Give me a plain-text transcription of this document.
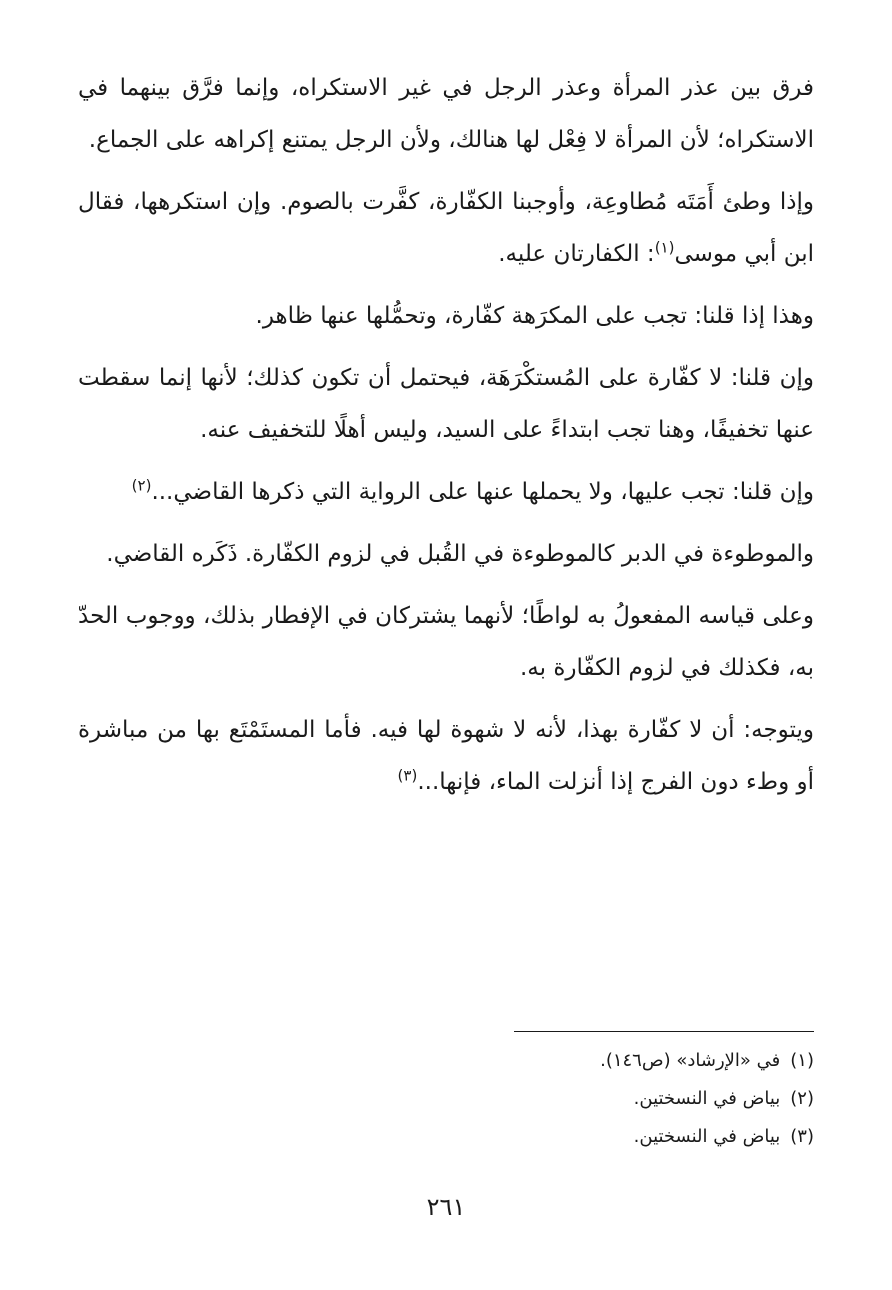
فرق بين عذر المرأة وعذر الرجل في غير الاستكراه، وإنما فرَّق بينهما في الاستكراه؛ لأن المرأة لا فِعْل لها هنالك، ولأن الرجل يمتنع إكراهه على الجماع.

وإذا وطئ أَمَتَه مُطاوعِة، وأوجبنا الكفّارة، كفَّرت بالصوم. وإن استكرهها، فقال ابن أبي موسى$^{(١)}$: الكفارتان عليه.

وهذا إذا قلنا: تجب على المكرَهة كفّارة، وتحمُّلها عنها ظاهر.

وإن قلنا: لا كفّارة على المُستكْرَهَة، فيحتمل أن تكون كذلك؛ لأنها إنما سقطت عنها تخفيفًا، وهنا تجب ابتداءً على السيد، وليس أهلًا للتخفيف عنه.

وإن قلنا: تجب عليها، ولا يحملها عنها على الرواية التي ذكرها القاضي...$^{(٢)}$

والموطوءة في الدبر كالموطوءة في القُبل في لزوم الكفّارة. ذَكَره القاضي.

وعلى قياسه المفعولُ به لواطًا؛ لأنهما يشتركان في الإفطار بذلك، ووجوب الحدّ به، فكذلك في لزوم الكفّارة به.

ويتوجه: أن لا كفّارة بهذا، لأنه لا شهوة لها فيه. فأما المستَمْتَع بها من مباشرة أو وطء دون الفرج إذا أنزلت الماء، فإنها...$^{(٣)}$

(١)في «الإرشاد» (ص١٤٦).
(٢)بياض في النسختين.
(٣)بياض في النسختين.
٢٦١
